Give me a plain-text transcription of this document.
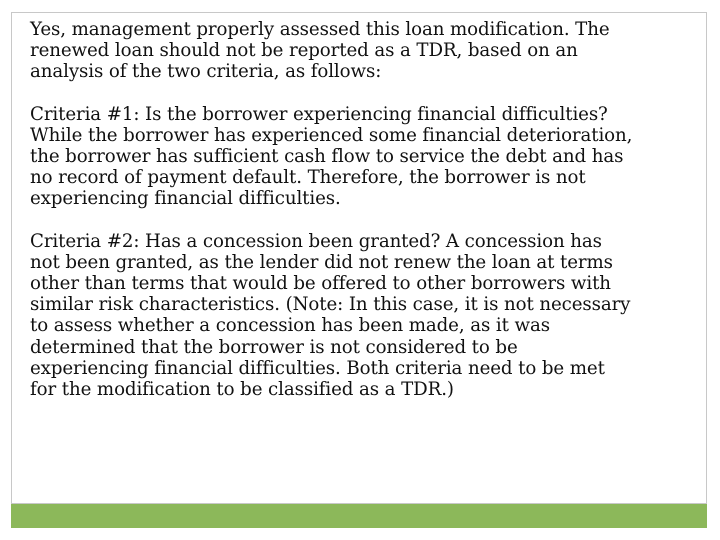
Yes, management properly assessed this loan modification. The
renewed loan should not be reported as a TDR, based on an
analysis of the two criteria, as follows:

Criteria #1: Is the borrower experiencing financial difficulties?
While the borrower has experienced some financial deterioration,
the borrower has sufficient cash flow to service the debt and has
no record of payment default. Therefore, the borrower is not
experiencing financial difficulties.

Criteria #2: Has a concession been granted? A concession has
not been granted, as the lender did not renew the loan at terms
other than terms that would be offered to other borrowers with
similar risk characteristics. (Note: In this case, it is not necessary
to assess whether a concession has been made, as it was
determined that the borrower is not considered to be
experiencing financial difficulties. Both criteria need to be met
for the modification to be classified as a TDR.)
